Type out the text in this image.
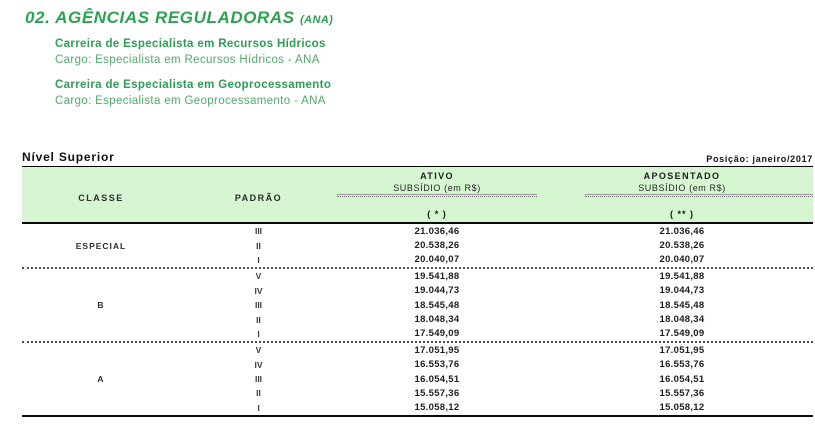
02. AGÊNCIAS REGULADORAS (ANA)
Carreira de Especialista em Recursos Hídricos
Cargo: Especialista em Recursos Hídricos - ANA
Carreira de Especialista em Geoprocessamento
Cargo: Especialista em Geoprocessamento - ANA
Nível Superior	Posição: janeiro/2017
CLASSE	PADRÃO
ATIVO
SUBSÍDIO (em R$)
( * )
APOSENTADO
SUBSÍDIO (em R$)
( ** )
ESPECIAL
III	21.036,46	21.036,46
II	20.538,26	20.538,26
I	20.040,07	20.040,07
B
V	19.541,88	19.541,88
IV	19.044,73	19.044,73
III	18.545,48	18.545,48
II	18.048,34	18.048,34
I	17.549,09	17.549,09
A
V	17.051,95	17.051,95
IV	16.553,76	16.553,76
III	16.054,51	16.054,51
II	15.557,36	15.557,36
I	15.058,12	15.058,12
